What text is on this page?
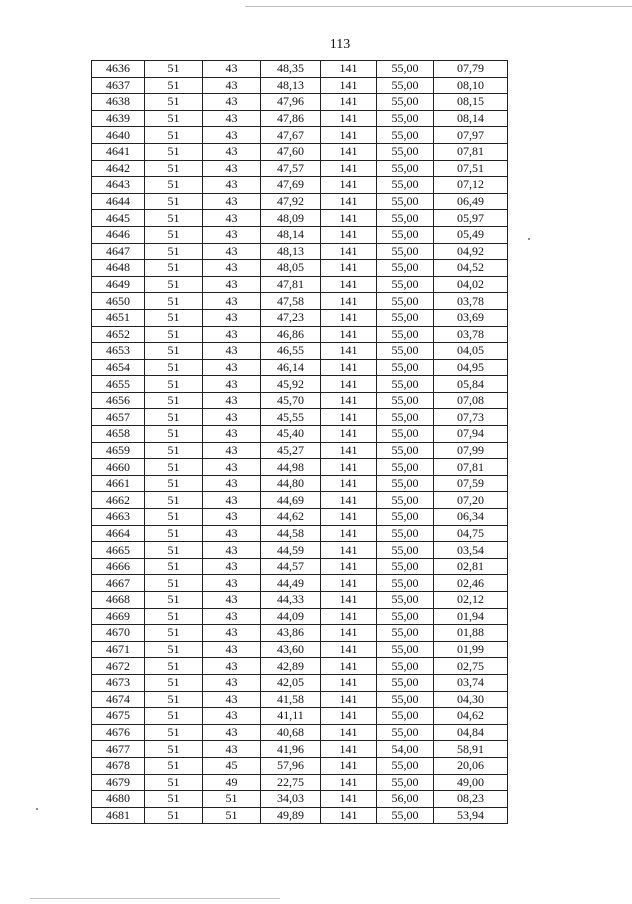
113
4636	51	43	48,35	141	55,00	07,79
4637	51	43	48,13	141	55,00	08,10
4638	51	43	47,96	141	55,00	08,15
4639	51	43	47,86	141	55,00	08,14
4640	51	43	47,67	141	55,00	07,97
4641	51	43	47,60	141	55,00	07,81
4642	51	43	47,57	141	55,00	07,51
4643	51	43	47,69	141	55,00	07,12
4644	51	43	47,92	141	55,00	06,49
4645	51	43	48,09	141	55,00	05,97
4646	51	43	48,14	141	55,00	05,49
4647	51	43	48,13	141	55,00	04,92
4648	51	43	48,05	141	55,00	04,52
4649	51	43	47,81	141	55,00	04,02
4650	51	43	47,58	141	55,00	03,78
4651	51	43	47,23	141	55,00	03,69
4652	51	43	46,86	141	55,00	03,78
4653	51	43	46,55	141	55,00	04,05
4654	51	43	46,14	141	55,00	04,95
4655	51	43	45,92	141	55,00	05,84
4656	51	43	45,70	141	55,00	07,08
4657	51	43	45,55	141	55,00	07,73
4658	51	43	45,40	141	55,00	07,94
4659	51	43	45,27	141	55,00	07,99
4660	51	43	44,98	141	55,00	07,81
4661	51	43	44,80	141	55,00	07,59
4662	51	43	44,69	141	55,00	07,20
4663	51	43	44,62	141	55,00	06,34
4664	51	43	44,58	141	55,00	04,75
4665	51	43	44,59	141	55,00	03,54
4666	51	43	44,57	141	55,00	02,81
4667	51	43	44,49	141	55,00	02,46
4668	51	43	44,33	141	55,00	02,12
4669	51	43	44,09	141	55,00	01,94
4670	51	43	43,86	141	55,00	01,88
4671	51	43	43,60	141	55,00	01,99
4672	51	43	42,89	141	55,00	02,75
4673	51	43	42,05	141	55,00	03,74
4674	51	43	41,58	141	55,00	04,30
4675	51	43	41,11	141	55,00	04,62
4676	51	43	40,68	141	55,00	04,84
4677	51	43	41,96	141	54,00	58,91
4678	51	45	57,96	141	55,00	20,06
4679	51	49	22,75	141	55,00	49,00
4680	51	51	34,03	141	56,00	08,23
4681	51	51	49,89	141	55,00	53,94
